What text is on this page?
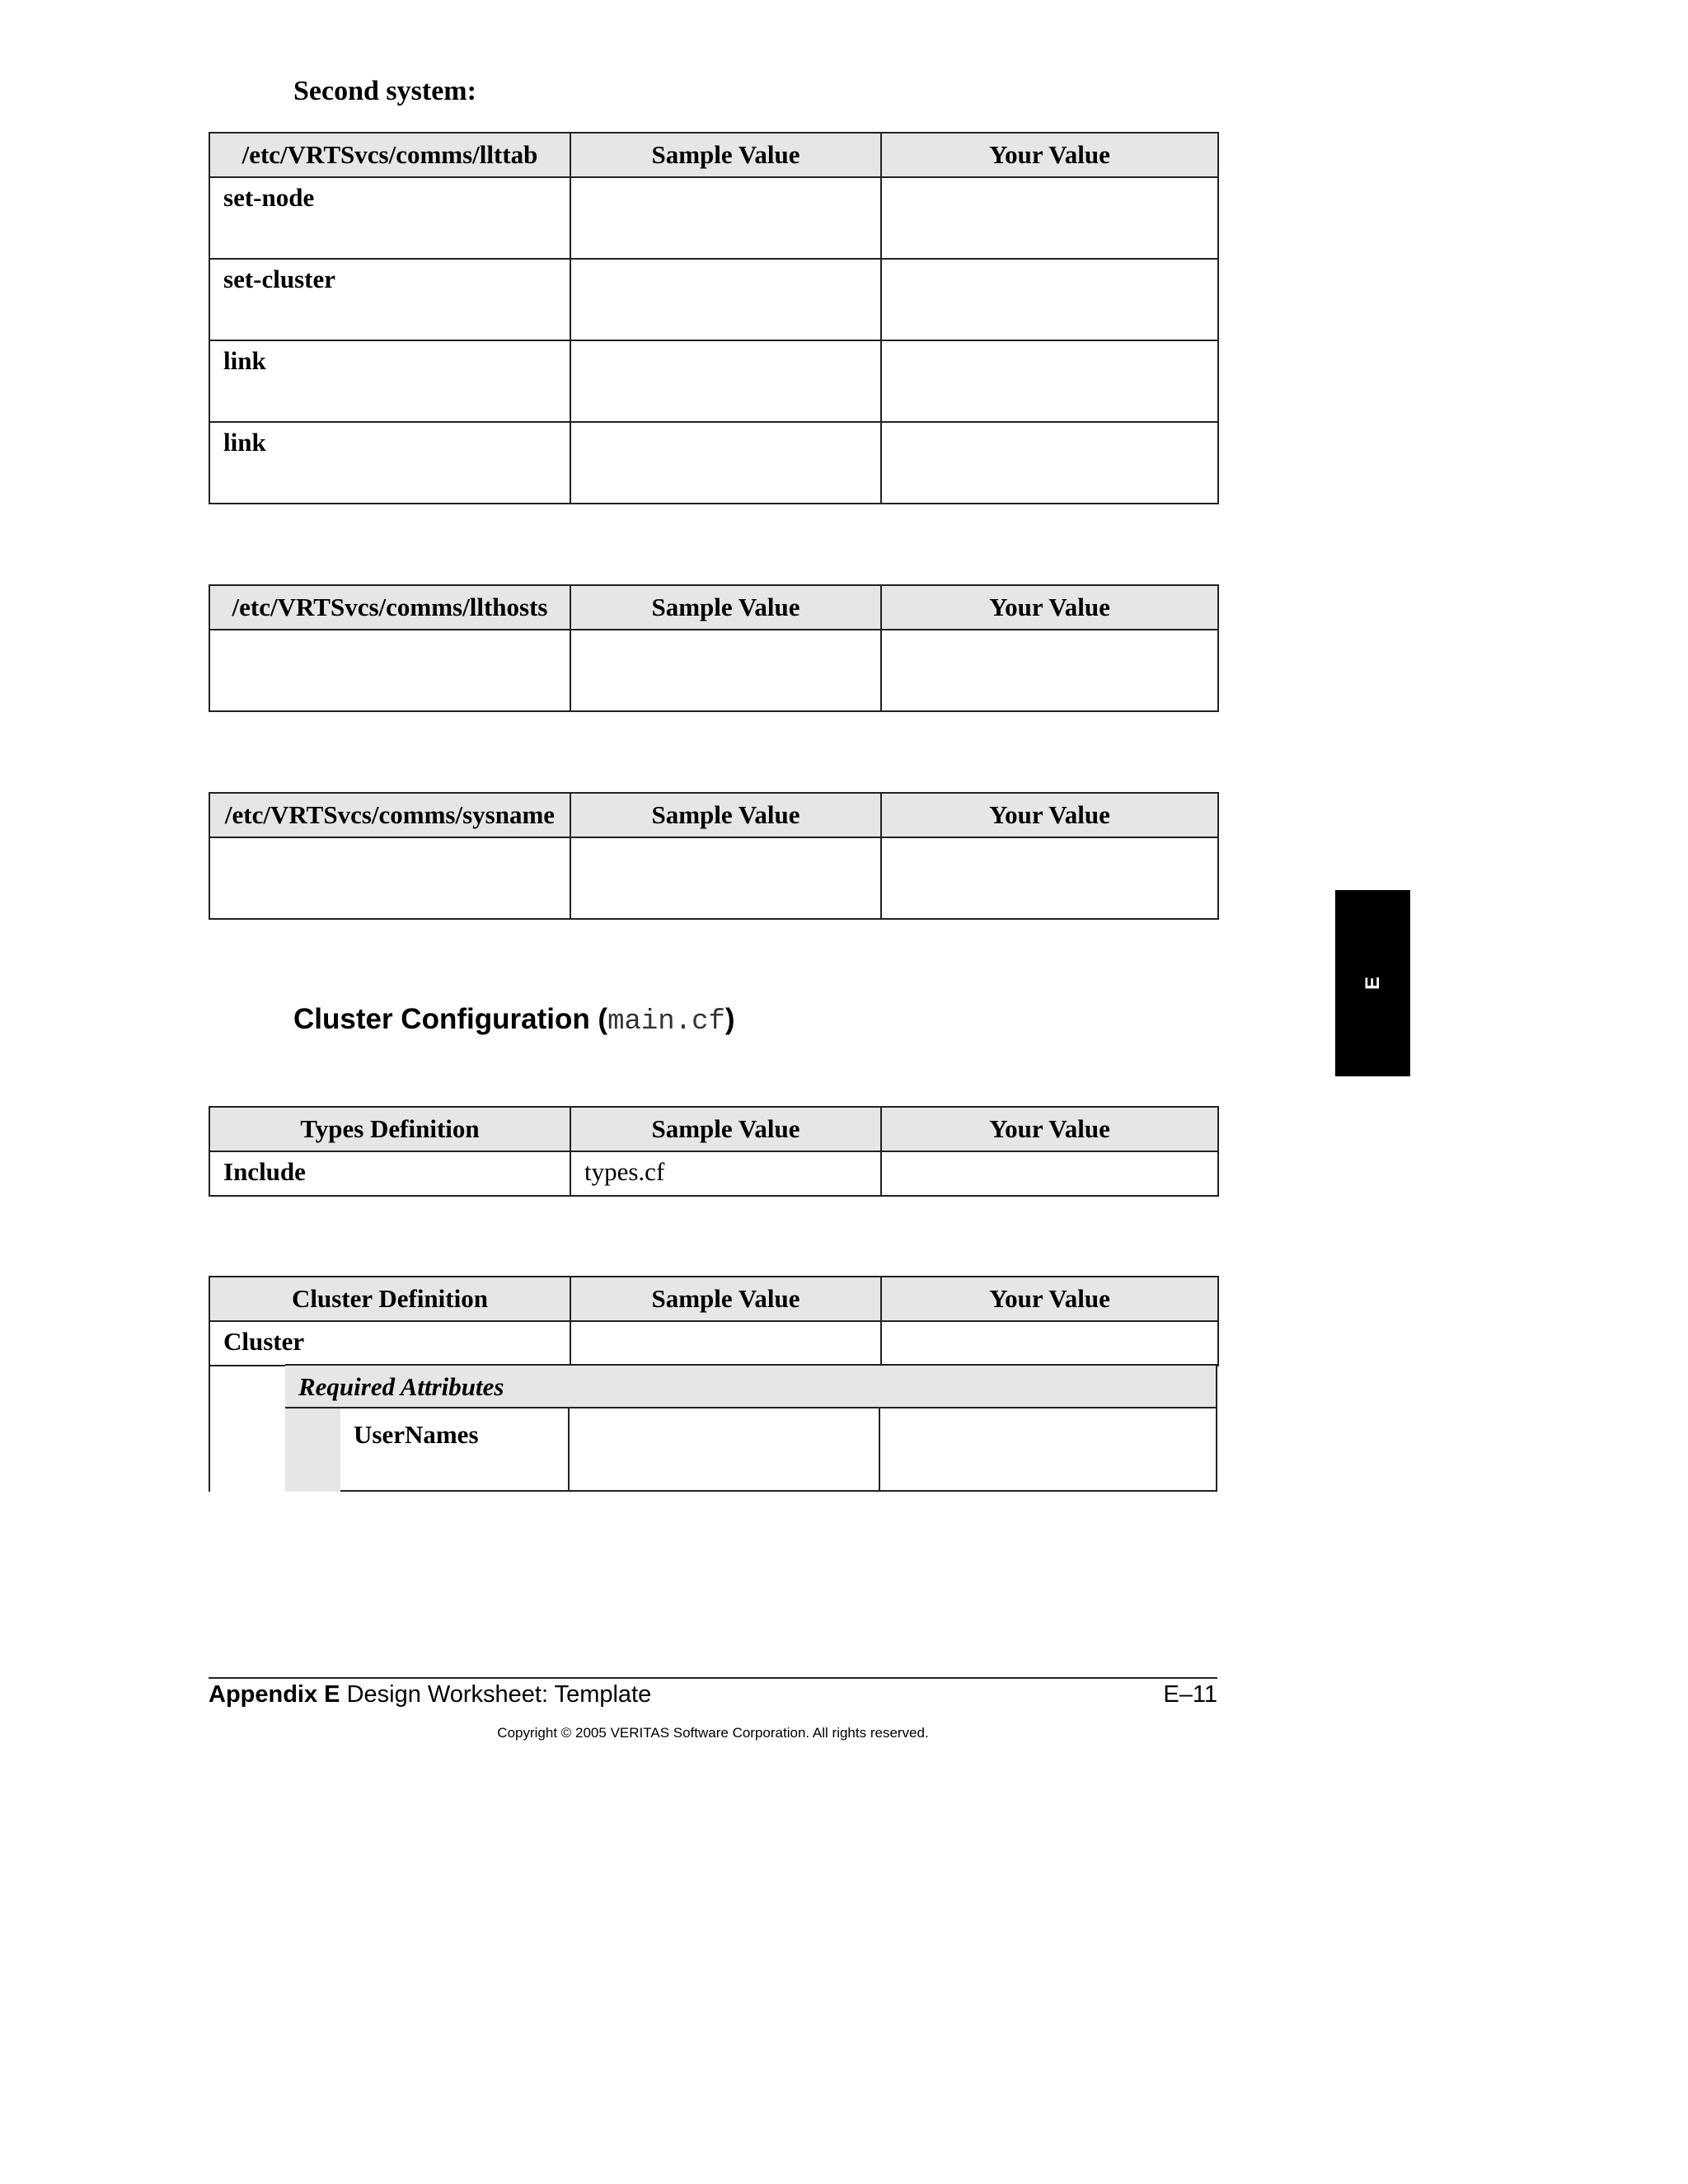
Second system:
/etc/VRTSvcs/comms/llttab	Sample Value	Your Value
set-node		
set-cluster		
link		
link		
/etc/VRTSvcs/comms/llthosts	Sample Value	Your Value

/etc/VRTSvcs/comms/sysname	Sample Value	Your Value

Cluster Configuration (main.cf)
Types Definition	Sample Value	Your Value
Include	types.cf	
Cluster Definition	Sample Value	Your Value
Cluster		
Required Attributes
UserNames
E
Appendix E Design Worksheet: Template	E–11
Copyright © 2005 VERITAS Software Corporation. All rights reserved.
